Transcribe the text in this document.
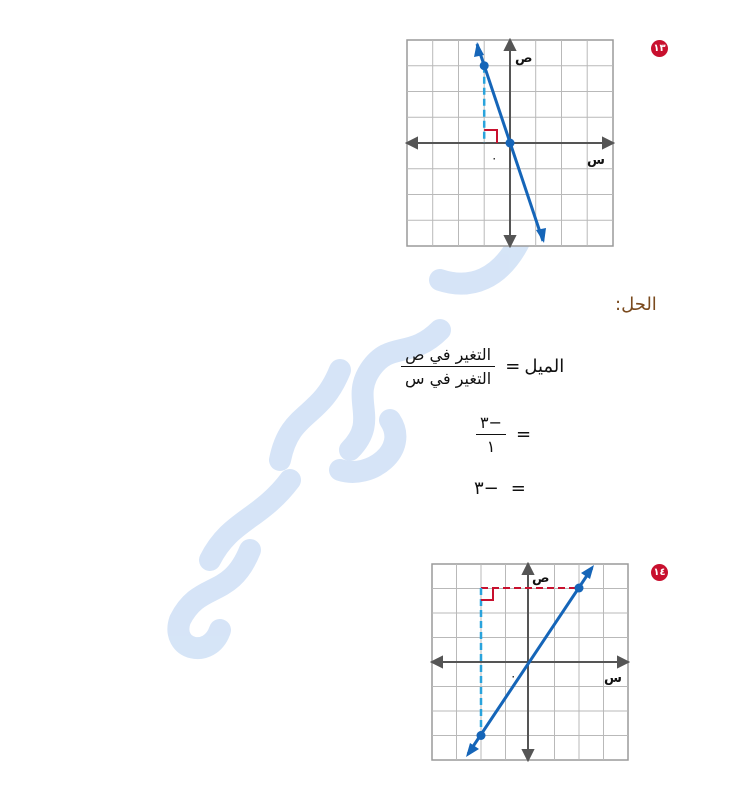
١٣
ص
س
٠
الحل:
الميل
=
$\frac{\text{التغير في ص}}{\text{التغير في س}}$
=
$\frac{-٣}{١}$
=
−٣
١٤
ص
س
٠
